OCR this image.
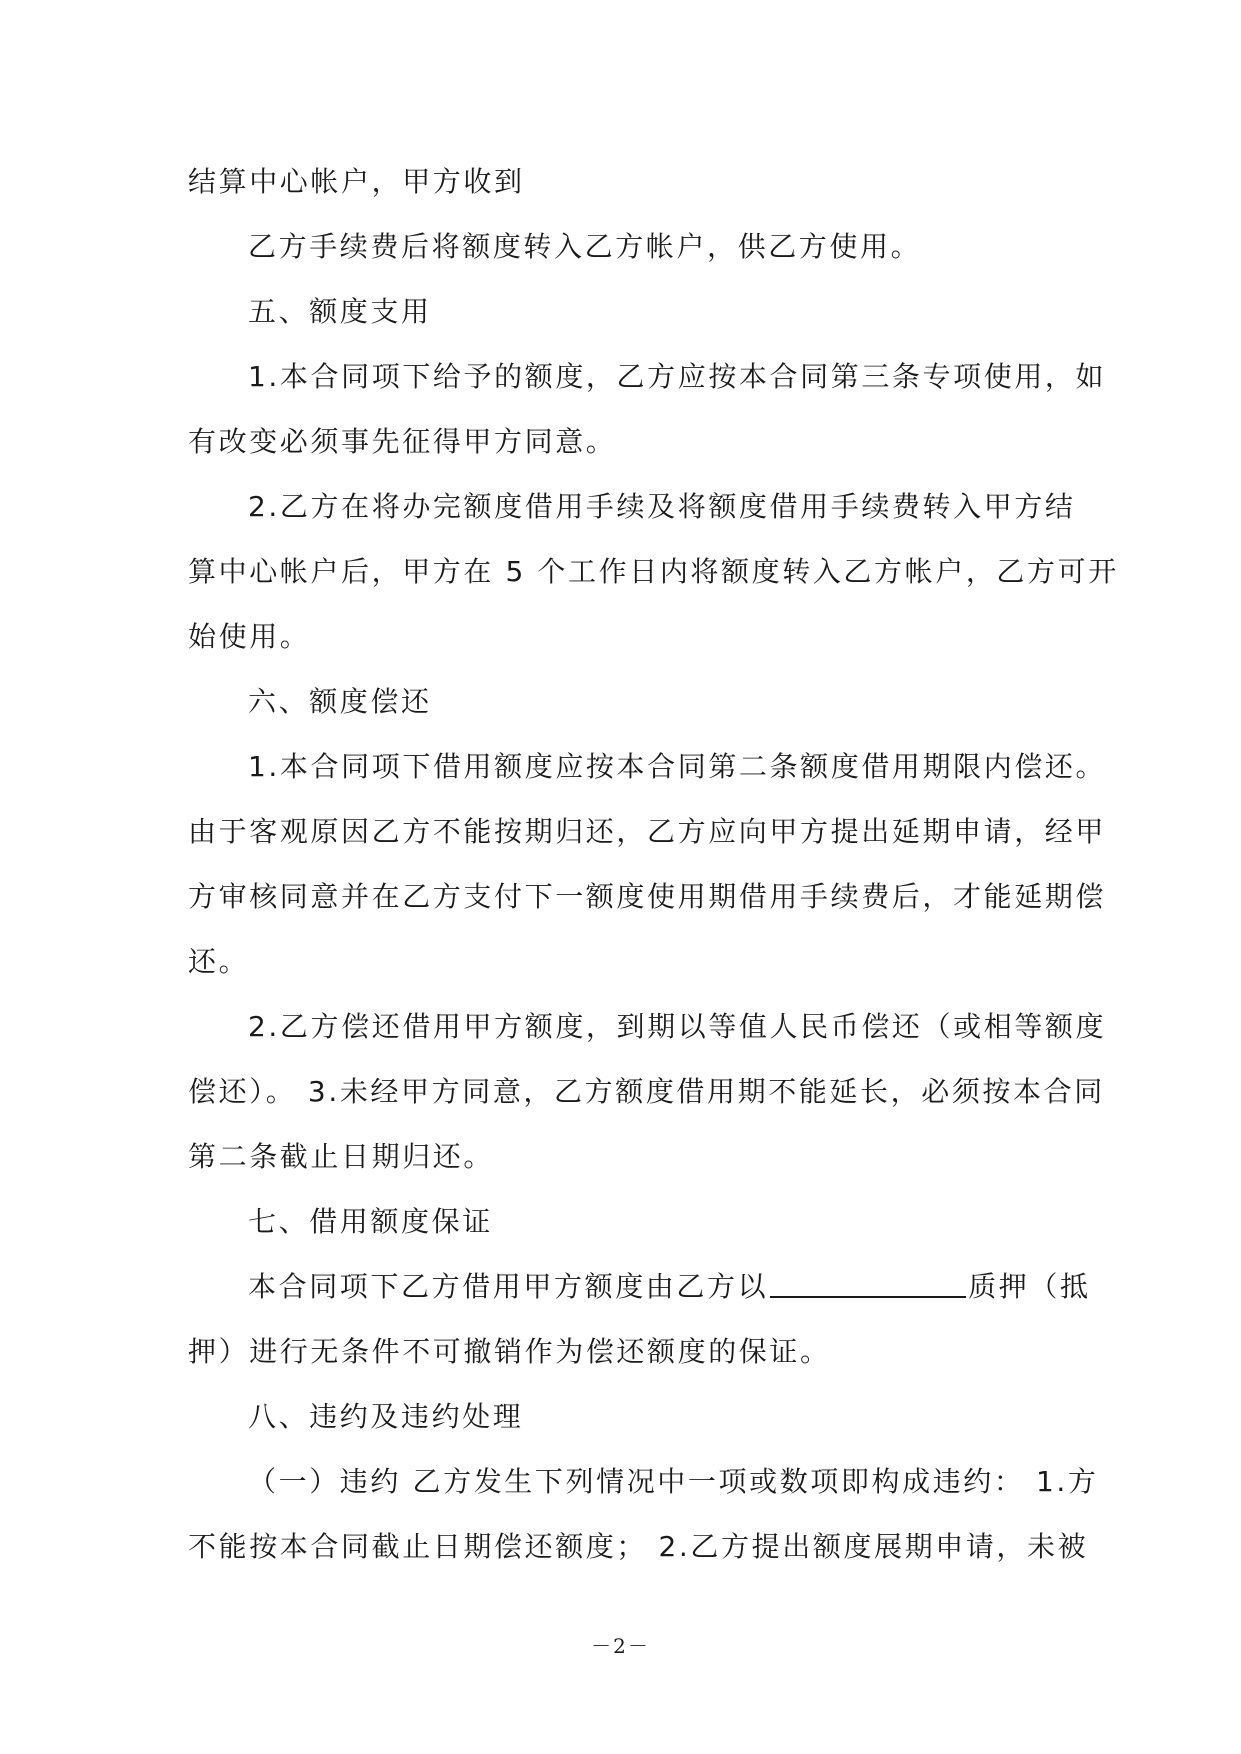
结算中心帐户，甲方收到
乙方手续费后将额度转入乙方帐户，供乙方使用。
五、额度支用
1.本合同项下给予的额度，乙方应按本合同第三条专项使用，如
有改变必须事先征得甲方同意。
2.乙方在将办完额度借用手续及将额度借用手续费转入甲方结
算中心帐户后，甲方在 5 个工作日内将额度转入乙方帐户，乙方可开
始使用。
六、额度偿还
1.本合同项下借用额度应按本合同第二条额度借用期限内偿还。
由于客观原因乙方不能按期归还，乙方应向甲方提出延期申请，经甲
方审核同意并在乙方支付下一额度使用期借用手续费后，才能延期偿
还。
2.乙方偿还借用甲方额度，到期以等值人民币偿还（或相等额度
偿还）。 3.未经甲方同意，乙方额度借用期不能延长，必须按本合同
第二条截止日期归还。
七、借用额度保证
本合同项下乙方借用甲方额度由乙方以	质押（抵
押）进行无条件不可撤销作为偿还额度的保证。
八、违约及违约处理
（一）违约 乙方发生下列情况中一项或数项即构成违约： 1.方
不能按本合同截止日期偿还额度； 2.乙方提出额度展期申请，未被
－2－
